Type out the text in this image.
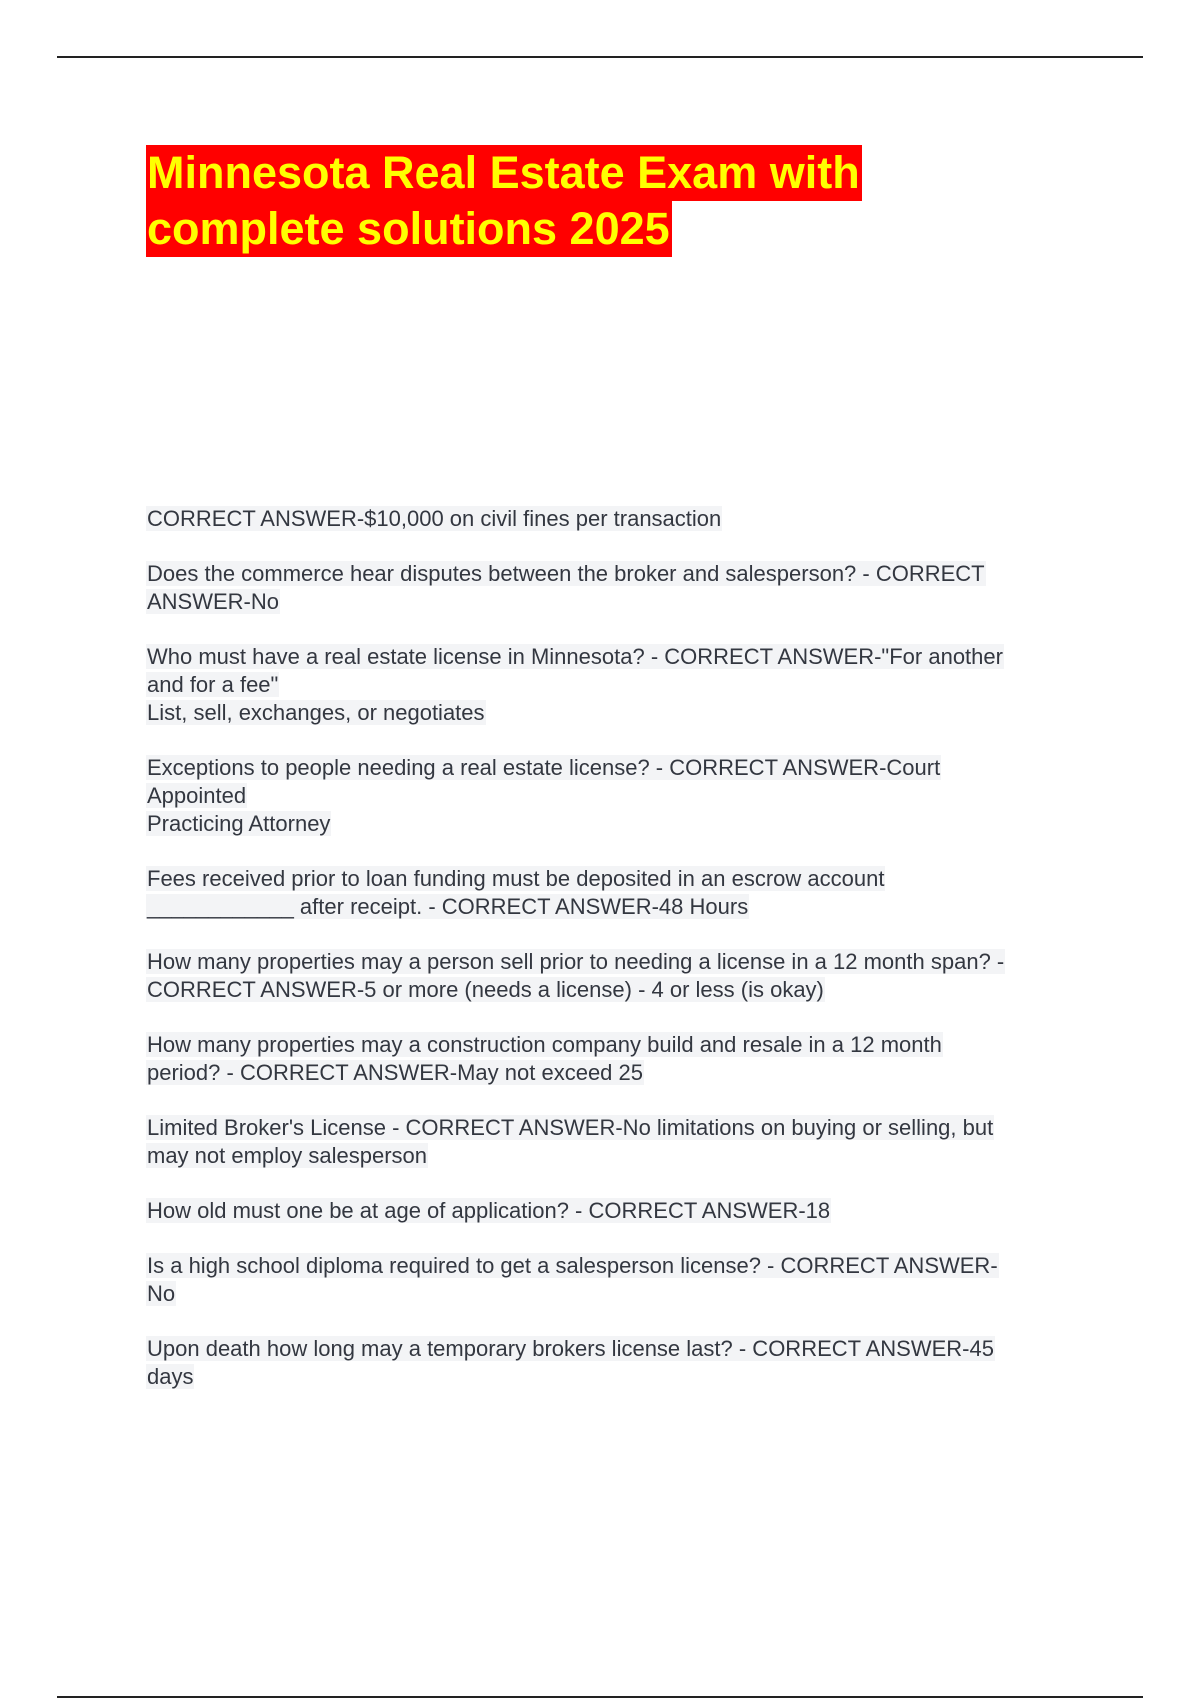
Minnesota Real Estate Exam with
complete solutions 2025
CORRECT ANSWER-$10,000 on civil fines per transaction
Does the commerce hear disputes between the broker and salesperson? - CORRECT
ANSWER-No
Who must have a real estate license in Minnesota? - CORRECT ANSWER-"For another
and for a fee"
List, sell, exchanges, or negotiates
Exceptions to people needing a real estate license? - CORRECT ANSWER-Court
Appointed
Practicing Attorney
Fees received prior to loan funding must be deposited in an escrow account
____________ after receipt. - CORRECT ANSWER-48 Hours
How many properties may a person sell prior to needing a license in a 12 month span? -
CORRECT ANSWER-5 or more (needs a license) - 4 or less (is okay)
How many properties may a construction company build and resale in a 12 month
period? - CORRECT ANSWER-May not exceed 25
Limited Broker's License - CORRECT ANSWER-No limitations on buying or selling, but
may not employ salesperson
How old must one be at age of application? - CORRECT ANSWER-18
Is a high school diploma required to get a salesperson license? - CORRECT ANSWER-
No
Upon death how long may a temporary brokers license last? - CORRECT ANSWER-45
days
